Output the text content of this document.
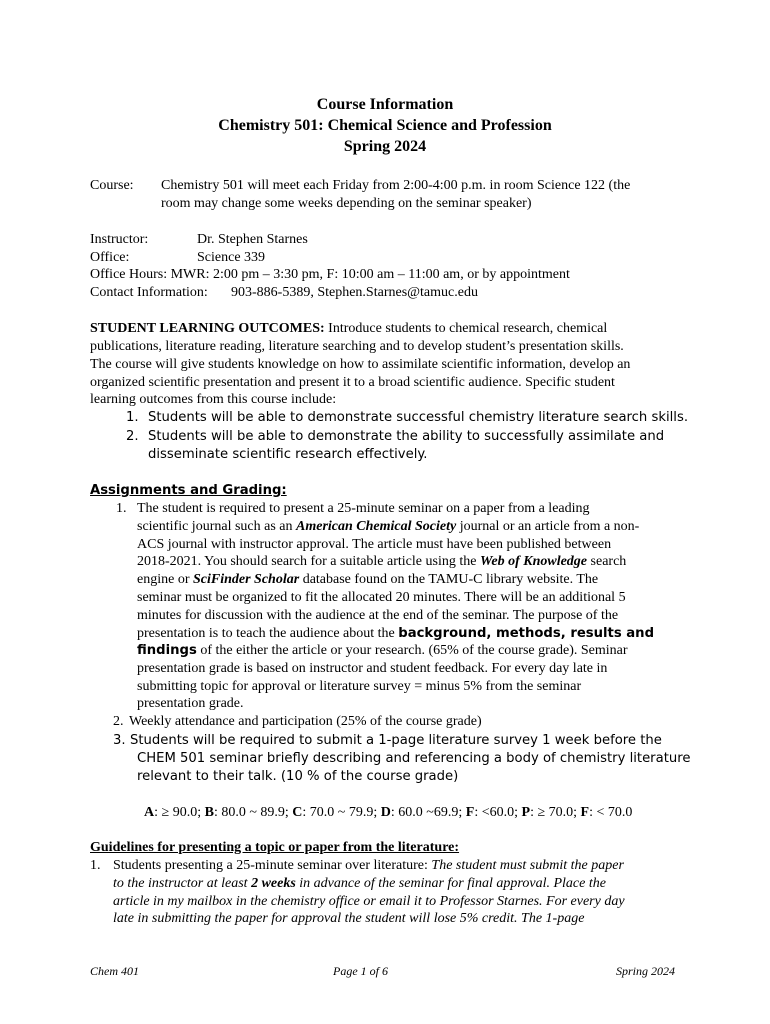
Course Information
Chemistry 501: Chemical Science and Profession
Spring 2024
Course: Chemistry 501 will meet each Friday from 2:00-4:00 p.m. in room Science 122 (the
room may change some weeks depending on the seminar speaker)
Instructor:	Dr. Stephen Starnes
Office:	Science 339
Office Hours: MWR: 2:00 pm – 3:30 pm, F: 10:00 am – 11:00 am, or by appointment
Contact Information: 903-886-5389, Stephen.Starnes@tamuc.edu
STUDENT LEARNING OUTCOMES: Introduce students to chemical research, chemical
publications, literature reading, literature searching and to develop student’s presentation skills.
The course will give students knowledge on how to assimilate scientific information, develop an
organized scientific presentation and present it to a broad scientific audience. Specific student
learning outcomes from this course include:
1. Students will be able to demonstrate successful chemistry literature search skills.
2. Students will be able to demonstrate the ability to successfully assimilate and
disseminate scientific research effectively.
Assignments and Grading:
1. The student is required to present a 25-minute seminar on a paper from a leading
scientific journal such as an American Chemical Society journal or an article from a non-
ACS journal with instructor approval. The article must have been published between
2018-2021. You should search for a suitable article using the Web of Knowledge search
engine or SciFinder Scholar database found on the TAMU-C library website. The
seminar must be organized to fit the allocated 20 minutes. There will be an additional 5
minutes for discussion with the audience at the end of the seminar. The purpose of the
presentation is to teach the audience about the background, methods, results and
findings of the either the article or your research. (65% of the course grade). Seminar
presentation grade is based on instructor and student feedback. For every day late in
submitting topic for approval or literature survey = minus 5% from the seminar
presentation grade.
2. Weekly attendance and participation (25% of the course grade)
3. Students will be required to submit a 1-page literature survey 1 week before the
CHEM 501 seminar briefly describing and referencing a body of chemistry literature
relevant to their talk. (10 % of the course grade)
A: ≥ 90.0; B: 80.0 ~ 89.9; C: 70.0 ~ 79.9; D: 60.0 ~69.9; F: <60.0; P: ≥ 70.0; F: < 70.0
Guidelines for presenting a topic or paper from the literature:
1. Students presenting a 25-minute seminar over literature: The student must submit the paper
to the instructor at least 2 weeks in advance of the seminar for final approval. Place the
article in my mailbox in the chemistry office or email it to Professor Starnes. For every day
late in submitting the paper for approval the student will lose 5% credit. The 1-page
Chem 401	Page 1 of 6	Spring 2024
